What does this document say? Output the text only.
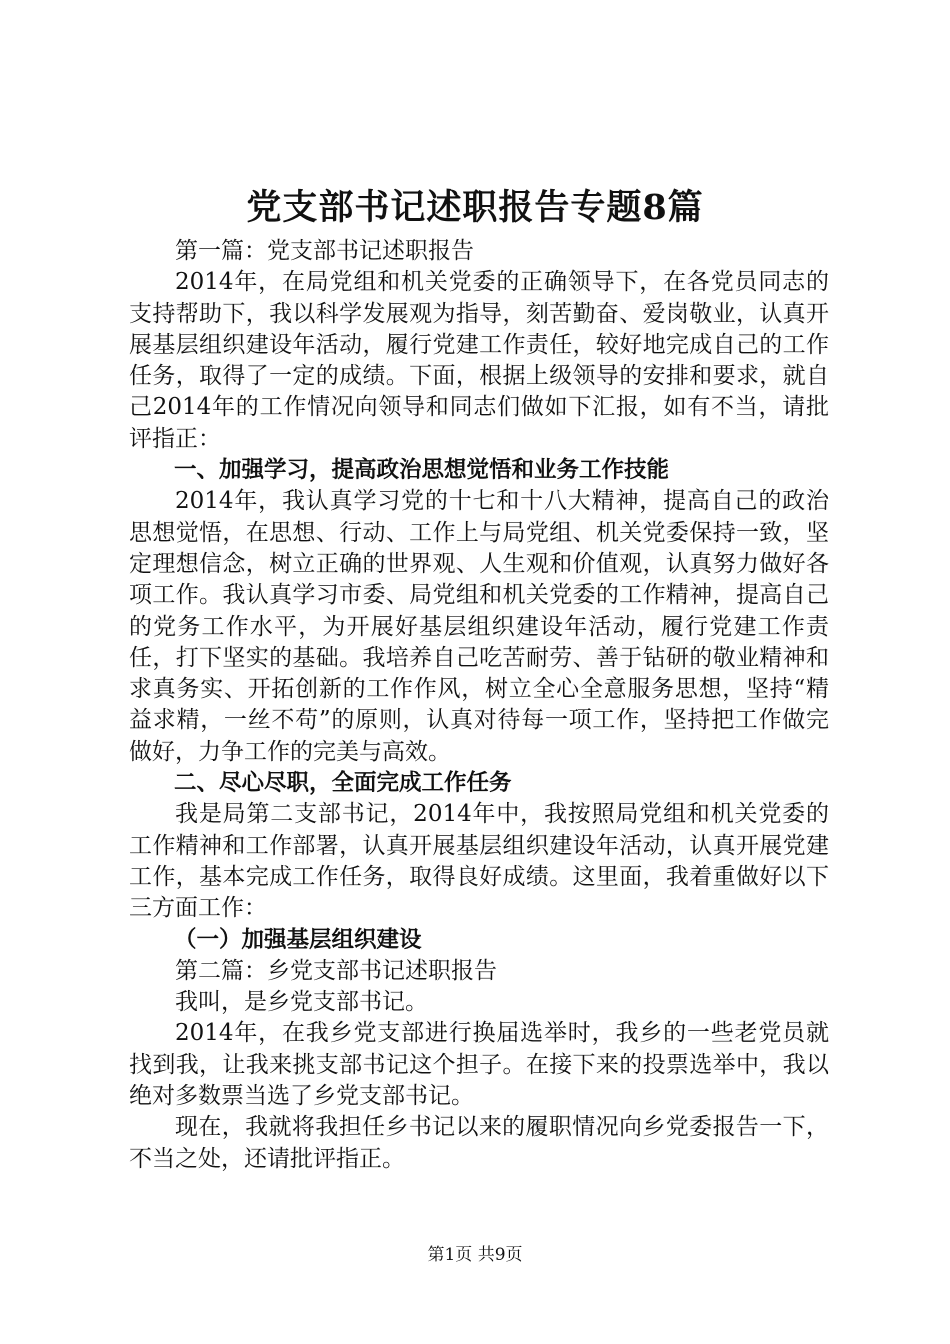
党支部书记述职报告专题8篇

第一篇：党支部书记述职报告

2014年，在局党组和机关党委的正确领导下，在各党员同志的支持帮助下，我以科学发展观为指导，刻苦勤奋、爱岗敬业，认真开展基层组织建设年活动，履行党建工作责任，较好地完成自己的工作任务，取得了一定的成绩。下面，根据上级领导的安排和要求，就自己2014年的工作情况向领导和同志们做如下汇报，如有不当，请批评指正：

一、加强学习，提高政治思想觉悟和业务工作技能

2014年，我认真学习党的十七和十八大精神，提高自己的政治思想觉悟，在思想、行动、工作上与局党组、机关党委保持一致，坚定理想信念，树立正确的世界观、人生观和价值观，认真努力做好各项工作。我认真学习市委、局党组和机关党委的工作精神，提高自己的党务工作水平，为开展好基层组织建设年活动，履行党建工作责任，打下坚实的基础。我培养自己吃苦耐劳、善于钻研的敬业精神和求真务实、开拓创新的工作作风，树立全心全意服务思想，坚持“精益求精，一丝不苟”的原则，认真对待每一项工作，坚持把工作做完做好，力争工作的完美与高效。

二、尽心尽职，全面完成工作任务

我是局第二支部书记，2014年中，我按照局党组和机关党委的工作精神和工作部署，认真开展基层组织建设年活动，认真开展党建工作，基本完成工作任务，取得良好成绩。这里面，我着重做好以下三方面工作：

（一）加强基层组织建设

第二篇：乡党支部书记述职报告

我叫，是乡党支部书记。

2014年，在我乡党支部进行换届选举时，我乡的一些老党员就找到我，让我来挑支部书记这个担子。在接下来的投票选举中，我以绝对多数票当选了乡党支部书记。

现在，我就将我担任乡书记以来的履职情况向乡党委报告一下，不当之处，还请批评指正。

第1页 共9页
